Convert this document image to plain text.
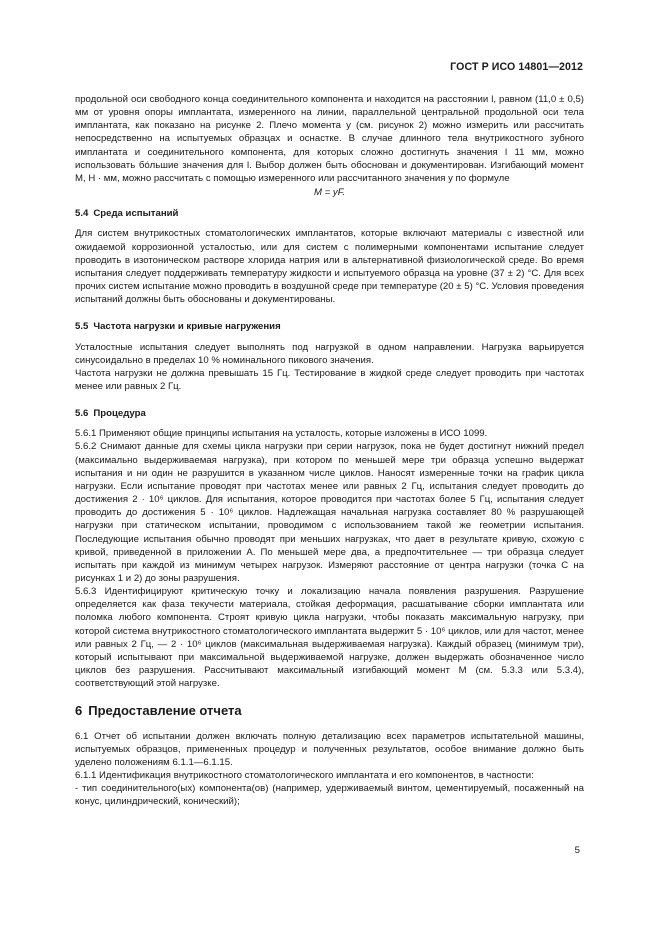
ГОСТ Р ИСО 14801—2012

продольной оси свободного конца соединительного компонента и находится на расстоянии l, равном (11,0 ± 0,5) мм от уровня опоры имплантата, измеренного на линии, параллельной центральной продольной оси тела имплантата, как показано на рисунке 2. Плечо момента y (см. рисунок 2) можно измерить или рассчитать непосредственно на испытуемых образцах и оснастке. В случае длинного тела внутрикостного зубного имплантата и соединительного компонента, для которых сложно достигнуть значения l 11 мм, можно использовать бóльшие значения для l. Выбор должен быть обоснован и документирован. Изгибающий момент M, Н · мм, можно рассчитать с помощью измеренного или рассчитанного значения y по формуле

M = yF.

5.4 Среда испытаний

Для систем внутрикостных стоматологических имплантатов, которые включают материалы с известной или ожидаемой коррозионной усталостью, или для систем с полимерными компонентами испытание следует проводить в изотоническом растворе хлорида натрия или в альтернативной физиологической среде. Во время испытания следует поддерживать температуру жидкости и испытуемого образца на уровне (37 ± 2) °С. Для всех прочих систем испытание можно проводить в воздушной среде при температуре (20 ± 5) °С. Условия проведения испытаний должны быть обоснованы и документированы.

5.5 Частота нагрузки и кривые нагружения

Усталостные испытания следует выполнять под нагрузкой в одном направлении. Нагрузка варьируется синусоидально в пределах 10 % номинального пикового значения.

Частота нагрузки не должна превышать 15 Гц. Тестирование в жидкой среде следует проводить при частотах менее или равных 2 Гц.

5.6 Процедура

5.6.1 Применяют общие принципы испытания на усталость, которые изложены в ИСО 1099.

5.6.2 Снимают данные для схемы цикла нагрузки при серии нагрузок, пока не будет достигнут нижний предел (максимально выдерживаемая нагрузка), при котором по меньшей мере три образца успешно выдержат испытания и ни один не разрушится в указанном числе циклов. Наносят измеренные точки на график цикла нагрузки. Если испытание проводят при частотах менее или равных 2 Гц, испытания следует проводить до достижения 2 · 10⁶ циклов. Для испытания, которое проводится при частотах более 5 Гц, испытания следует проводить до достижения 5 · 10⁶ циклов. Надлежащая начальная нагрузка составляет 80 % разрушающей нагрузки при статическом испытании, проводимом с использованием такой же геометрии испытания. Последующие испытания обычно проводят при меньших нагрузках, что дает в результате кривую, схожую с кривой, приведенной в приложении А. По меньшей мере два, а предпочтительнее — три образца следует испытать при каждой из минимум четырех нагрузок. Измеряют расстояние от центра нагрузки (точка C на рисунках 1 и 2) до зоны разрушения.

5.6.3 Идентифицируют критическую точку и локализацию начала появления разрушения. Разрушение определяется как фаза текучести материала, стойкая деформация, расшатывание сборки имплантата или поломка любого компонента. Строят кривую цикла нагрузки, чтобы показать максимальную нагрузку, при которой система внутрикостного стоматологического имплантата выдержит 5 · 10⁶ циклов, или для частот, менее или равных 2 Гц, — 2 · 10⁶ циклов (максимальная выдерживаемая нагрузка). Каждый образец (минимум три), который испытывают при максимальной выдерживаемой нагрузке, должен выдержать обозначенное число циклов без разрушения. Рассчитывают максимальный изгибающий момент M (см. 5.3.3 или 5.3.4), соответствующий этой нагрузке.

6 Предоставление отчета

6.1 Отчет об испытании должен включать полную детализацию всех параметров испытательной машины, испытуемых образцов, примененных процедур и полученных результатов, особое внимание должно быть уделено положениям 6.1.1—6.1.15.

6.1.1 Идентификация внутрикостного стоматологического имплантата и его компонентов, в частности:

- тип соединительного(ых) компонента(ов) (например, удерживаемый винтом, цементируемый, посаженный на конус, цилиндрический, конический);

5
